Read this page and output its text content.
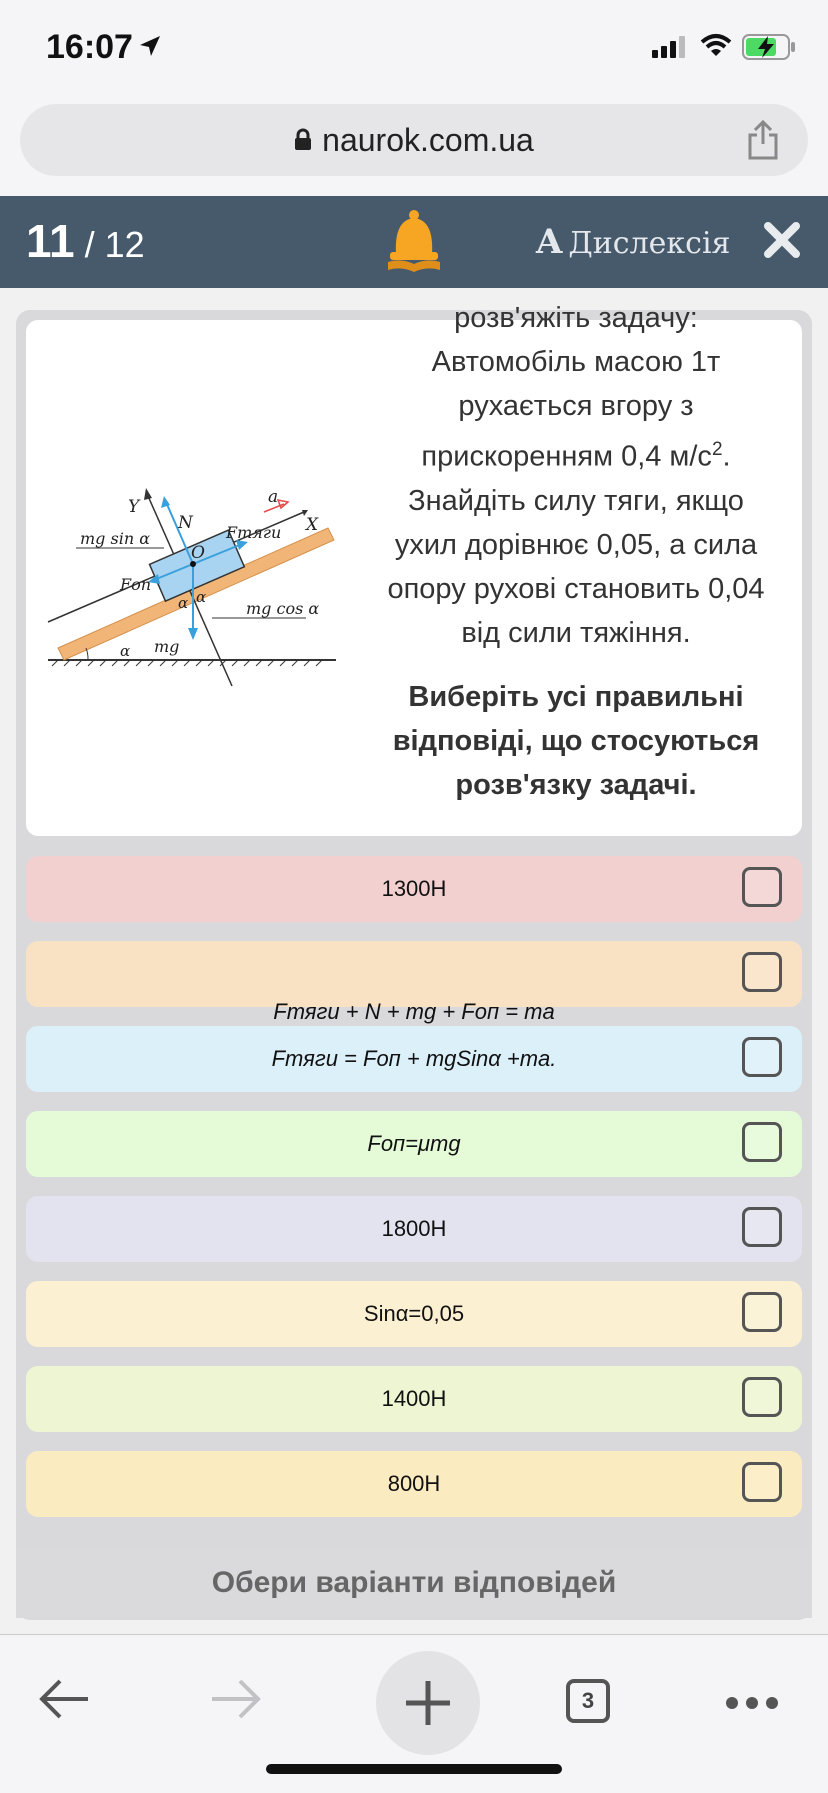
16:07
naurok.com.ua
11 / 12	A Дислексія
Y
X
N
a
Fтяги
mg sin α
Fоп
O
α α
α
mg cos α
mg
розв'яжіть задачу:
Автомобіль масою 1т
рухається вгору з
прискоренням 0,4 $м/с^2$.
Знайдіть силу тяги, якщо
ухил дорівнює 0,05, а сила
опору рухові становить 0,04
від сили тяжіння.
Виберіть усі правильні відповіді, що стосуються розв'язку задачі.
1300Н
Fтяги + N + mg + Fоп = ma
Fтяги = Fоп + mgSinα +ma.
Fоп=μmg
1800Н
Sinα=0,05
1400Н
800Н
Обери варіанти відповідей
3
